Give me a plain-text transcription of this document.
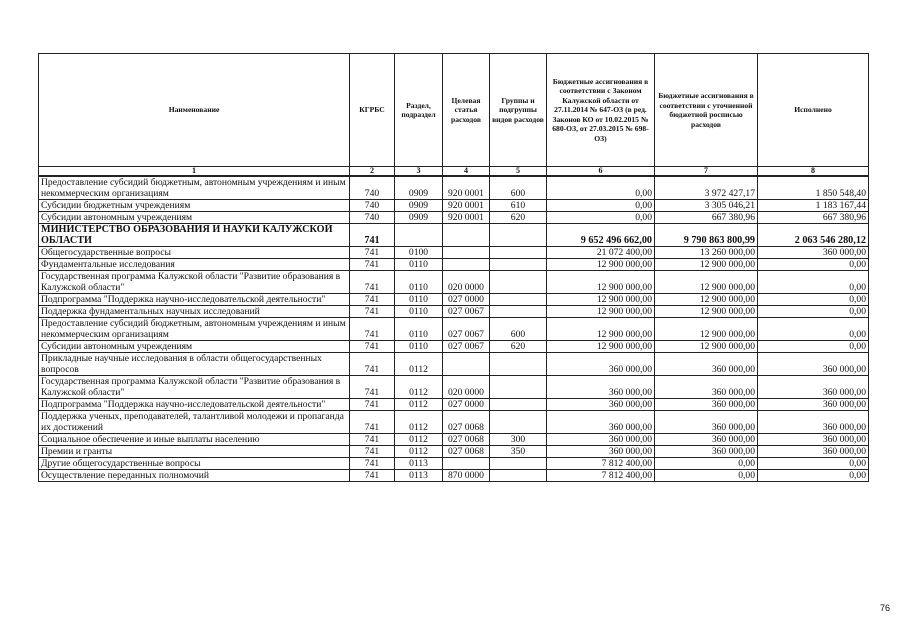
Наименование	КГРБС	Раздел, подраздел	Целевая статья расходов	Группы и подгруппы видов расходов	Бюджетные ассигнования в соответствии с Законом Калужской области от 27.11.2014 № 647-ОЗ (в ред. Законов КО от 10.02.2015 № 680-ОЗ, от 27.03.2015 № 698-ОЗ)	Бюджетные ассигнования в соответствии с уточненной бюджетной росписью расходов	Исполнено
1	2	3	4	5	6	7	8
Предоставление субсидий бюджетным, автономным учреждениям и иным некоммерческим организациям	740	0909	920 0001	600	0,00	3 972 427,17	1 850 548,40
Субсидии бюджетным учреждениям	740	0909	920 0001	610	0,00	3 305 046,21	1 183 167,44
Субсидии автономным учреждениям	740	0909	920 0001	620	0,00	667 380,96	667 380,96
МИНИСТЕРСТВО ОБРАЗОВАНИЯ И НАУКИ КАЛУЖСКОЙ ОБЛАСТИ	741				9 652 496 662,00	9 790 863 800,99	2 063 546 280,12
Общегосударственные вопросы	741	0100			21 072 400,00	13 260 000,00	360 000,00
Фундаментальные исследования	741	0110			12 900 000,00	12 900 000,00	0,00
Государственная программа Калужской области "Развитие образования в Калужской области"	741	0110	020 0000		12 900 000,00	12 900 000,00	0,00
Подпрограмма "Поддержка научно-исследовательской деятельности"	741	0110	027 0000		12 900 000,00	12 900 000,00	0,00
Поддержка фундаментальных научных исследований	741	0110	027 0067		12 900 000,00	12 900 000,00	0,00
Предоставление субсидий бюджетным, автономным учреждениям и иным некоммерческим организациям	741	0110	027 0067	600	12 900 000,00	12 900 000,00	0,00
Субсидии автономным учреждениям	741	0110	027 0067	620	12 900 000,00	12 900 000,00	0,00
Прикладные научные исследования в области общегосударственных вопросов	741	0112			360 000,00	360 000,00	360 000,00
Государственная программа Калужской области "Развитие образования в Калужской области"	741	0112	020 0000		360 000,00	360 000,00	360 000,00
Подпрограмма "Поддержка научно-исследовательской деятельности"	741	0112	027 0000		360 000,00	360 000,00	360 000,00
Поддержка ученых, преподавателей, талантливой молодежи и пропаганда их достижений	741	0112	027 0068		360 000,00	360 000,00	360 000,00
Социальное обеспечение и иные выплаты населению	741	0112	027 0068	300	360 000,00	360 000,00	360 000,00
Премии и гранты	741	0112	027 0068	350	360 000,00	360 000,00	360 000,00
Другие общегосударственные вопросы	741	0113			7 812 400,00	0,00	0,00
Осуществление переданных полномочий	741	0113	870 0000		7 812 400,00	0,00	0,00
76
